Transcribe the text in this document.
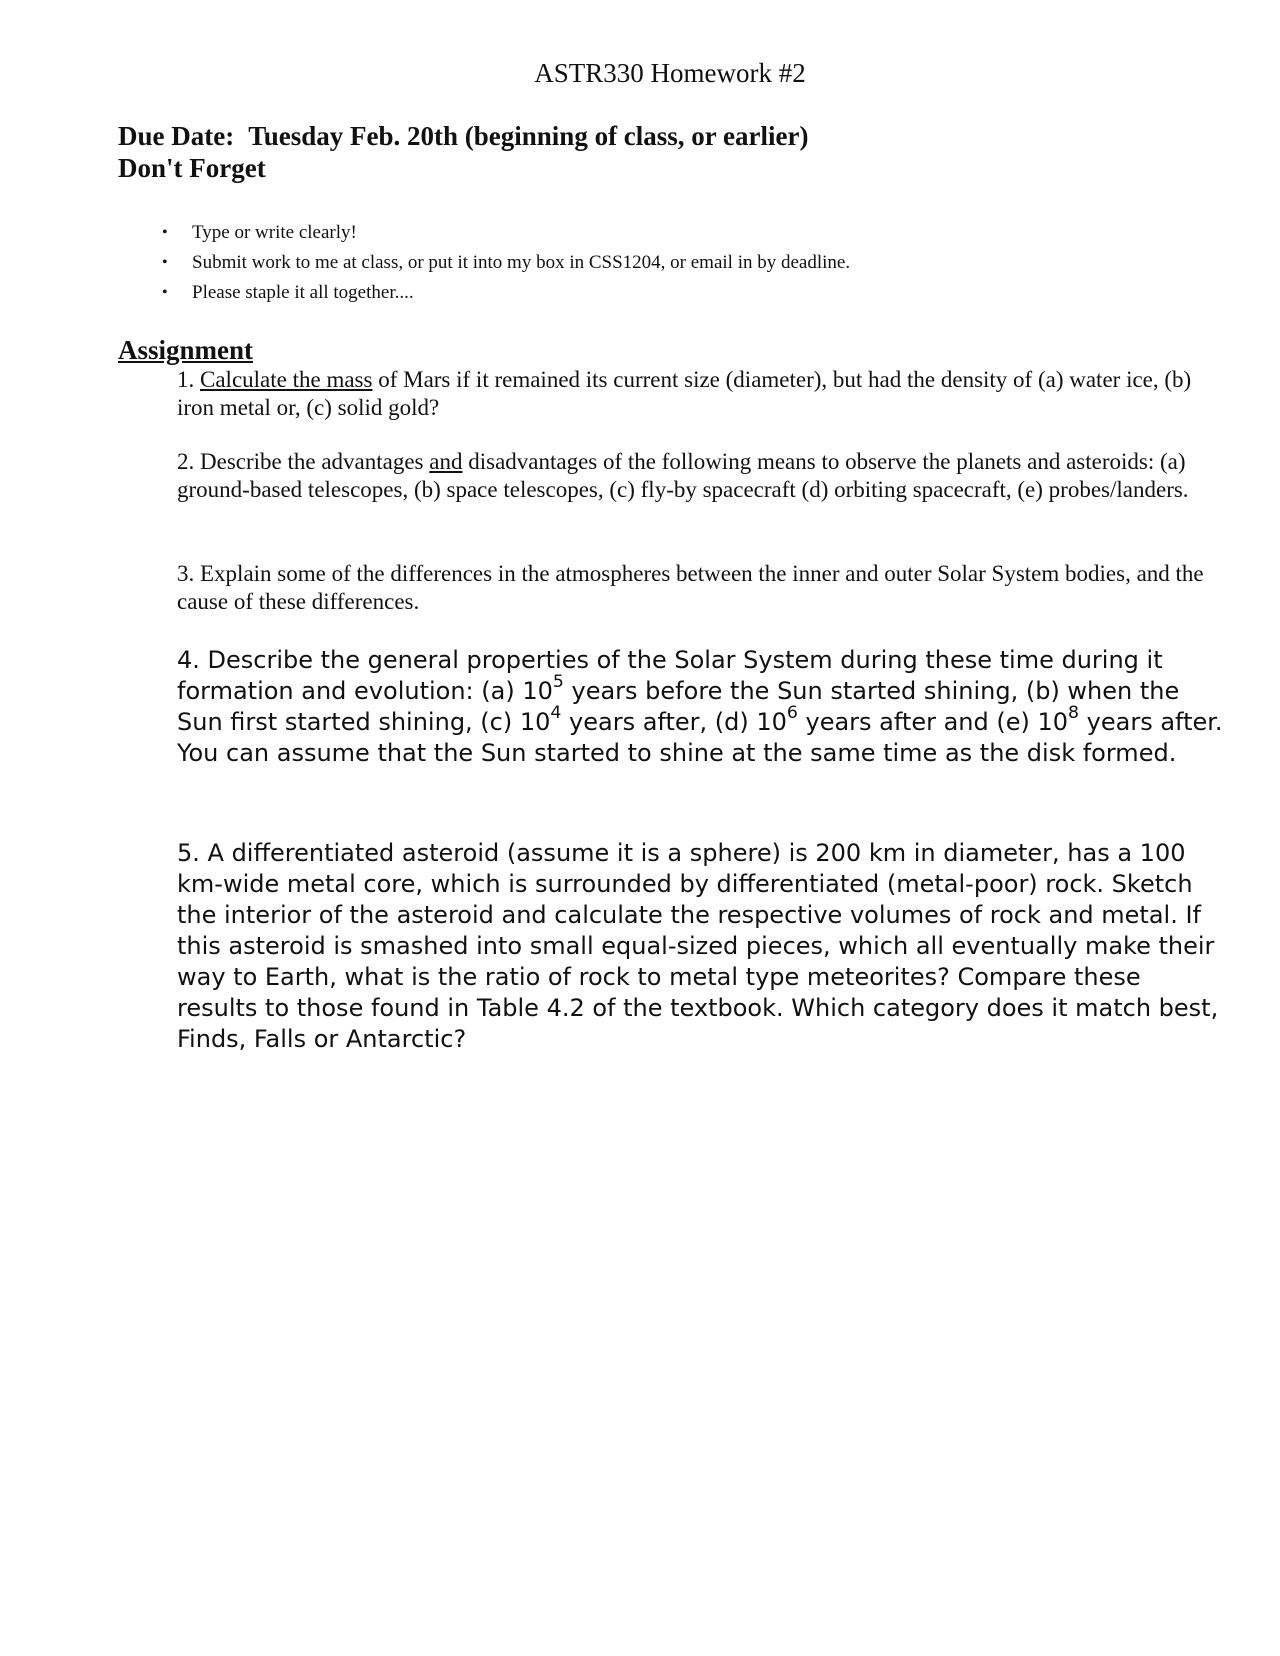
ASTR330 Homework #2
Due Date: Tuesday Feb. 20th (beginning of class, or earlier)
Don't Forget
• Type or write clearly!
• Submit work to me at class, or put it into my box in CSS1204, or email in by deadline.
• Please staple it all together....
Assignment

1. Calculate the mass of Mars if it remained its current size (diameter), but had the density of (a) water ice, (b) iron metal or, (c) solid gold?

2. Describe the advantages and disadvantages of the following means to observe the planets and asteroids: (a) ground-based telescopes, (b) space telescopes, (c) fly-by spacecraft (d) orbiting spacecraft, (e) probes/landers.

3. Explain some of the differences in the atmospheres between the inner and outer Solar System bodies, and the cause of these differences.

4. Describe the general properties of the Solar System during these time during it formation and evolution: (a) $10^5$ years before the Sun started shining, (b) when the Sun first started shining, (c) $10^4$ years after, (d) $10^6$ years after and (e) $10^8$ years after. You can assume that the Sun started to shine at the same time as the disk formed.

5. A differentiated asteroid (assume it is a sphere) is 200 km in diameter, has a 100 km-wide metal core, which is surrounded by differentiated (metal-poor) rock. Sketch the interior of the asteroid and calculate the respective volumes of rock and metal. If this asteroid is smashed into small equal-sized pieces, which all eventually make their way to Earth, what is the ratio of rock to metal type meteorites? Compare these results to those found in Table 4.2 of the textbook. Which category does it match best, Finds, Falls or Antarctic?
